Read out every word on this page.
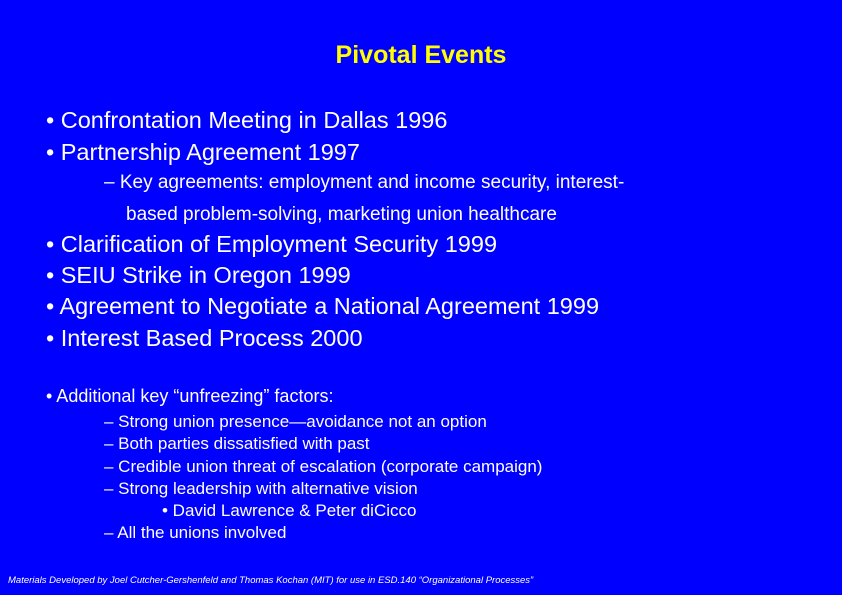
Pivotal Events
• Confrontation Meeting in Dallas 1996
• Partnership Agreement 1997
– Key agreements: employment and income security, interest-
based problem-solving, marketing union healthcare
• Clarification of Employment Security 1999
• SEIU Strike in Oregon 1999
• Agreement to Negotiate a National Agreement 1999
• Interest Based Process 2000
• Additional key “unfreezing” factors:
– Strong union presence—avoidance not an option
– Both parties dissatisfied with past
– Credible union threat of escalation (corporate campaign)
– Strong leadership with alternative vision
• David Lawrence & Peter diCicco
– All the unions involved
Materials Developed by Joel Cutcher-Gershenfeld and Thomas Kochan (MIT) for use in ESD.140 “Organizational Processes”
